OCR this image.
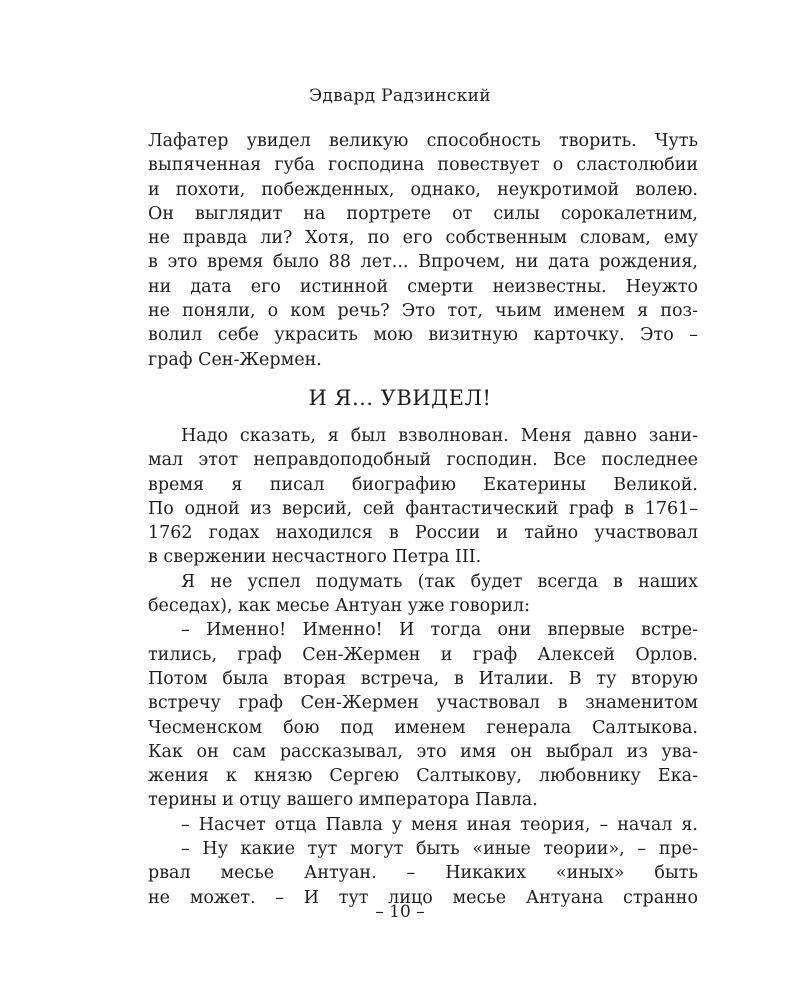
Эдвард Радзинский
Лафатер увидел великую способность творить. Чуть
выпяченная губа господина повествует о сластолюбии
и похоти, побежденных, однако, неукротимой волею.
Он выглядит на портрете от силы сорокалетним,
не правда ли? Хотя, по его собственным словам, ему
в это время было 88 лет... Впрочем, ни дата рождения,
ни дата его истинной смерти неизвестны. Неужто
не поняли, о ком речь? Это тот, чьим именем я поз-
волил себе украсить мою визитную карточку. Это –
граф Сен-Жермен.
И Я... УВИДЕЛ!
Надо сказать, я был взволнован. Меня давно зани-
мал этот неправдоподобный господин. Все последнее
время я писал биографию Екатерины Великой.
По одной из версий, сей фантастический граф в 1761–
1762 годах находился в России и тайно участвовал
в свержении несчастного Петра III.
Я не успел подумать (так будет всегда в наших
беседах), как месье Антуан уже говорил:
– Именно! Именно! И тогда они впервые встре-
тились, граф Сен-Жермен и граф Алексей Орлов.
Потом была вторая встреча, в Италии. В ту вторую
встречу граф Сен-Жермен участвовал в знаменитом
Чесменском бою под именем генерала Салтыкова.
Как он сам рассказывал, это имя он выбрал из ува-
жения к князю Сергею Салтыкову, любовнику Ека-
терины и отцу вашего императора Павла.
– Насчет отца Павла у меня иная теория, – начал я.
– Ну какие тут могут быть «иные теории», – пре-
рвал месье Антуан. – Никаких «иных» быть
не может. – И тут лицо месье Антуана странно
– 10 –
